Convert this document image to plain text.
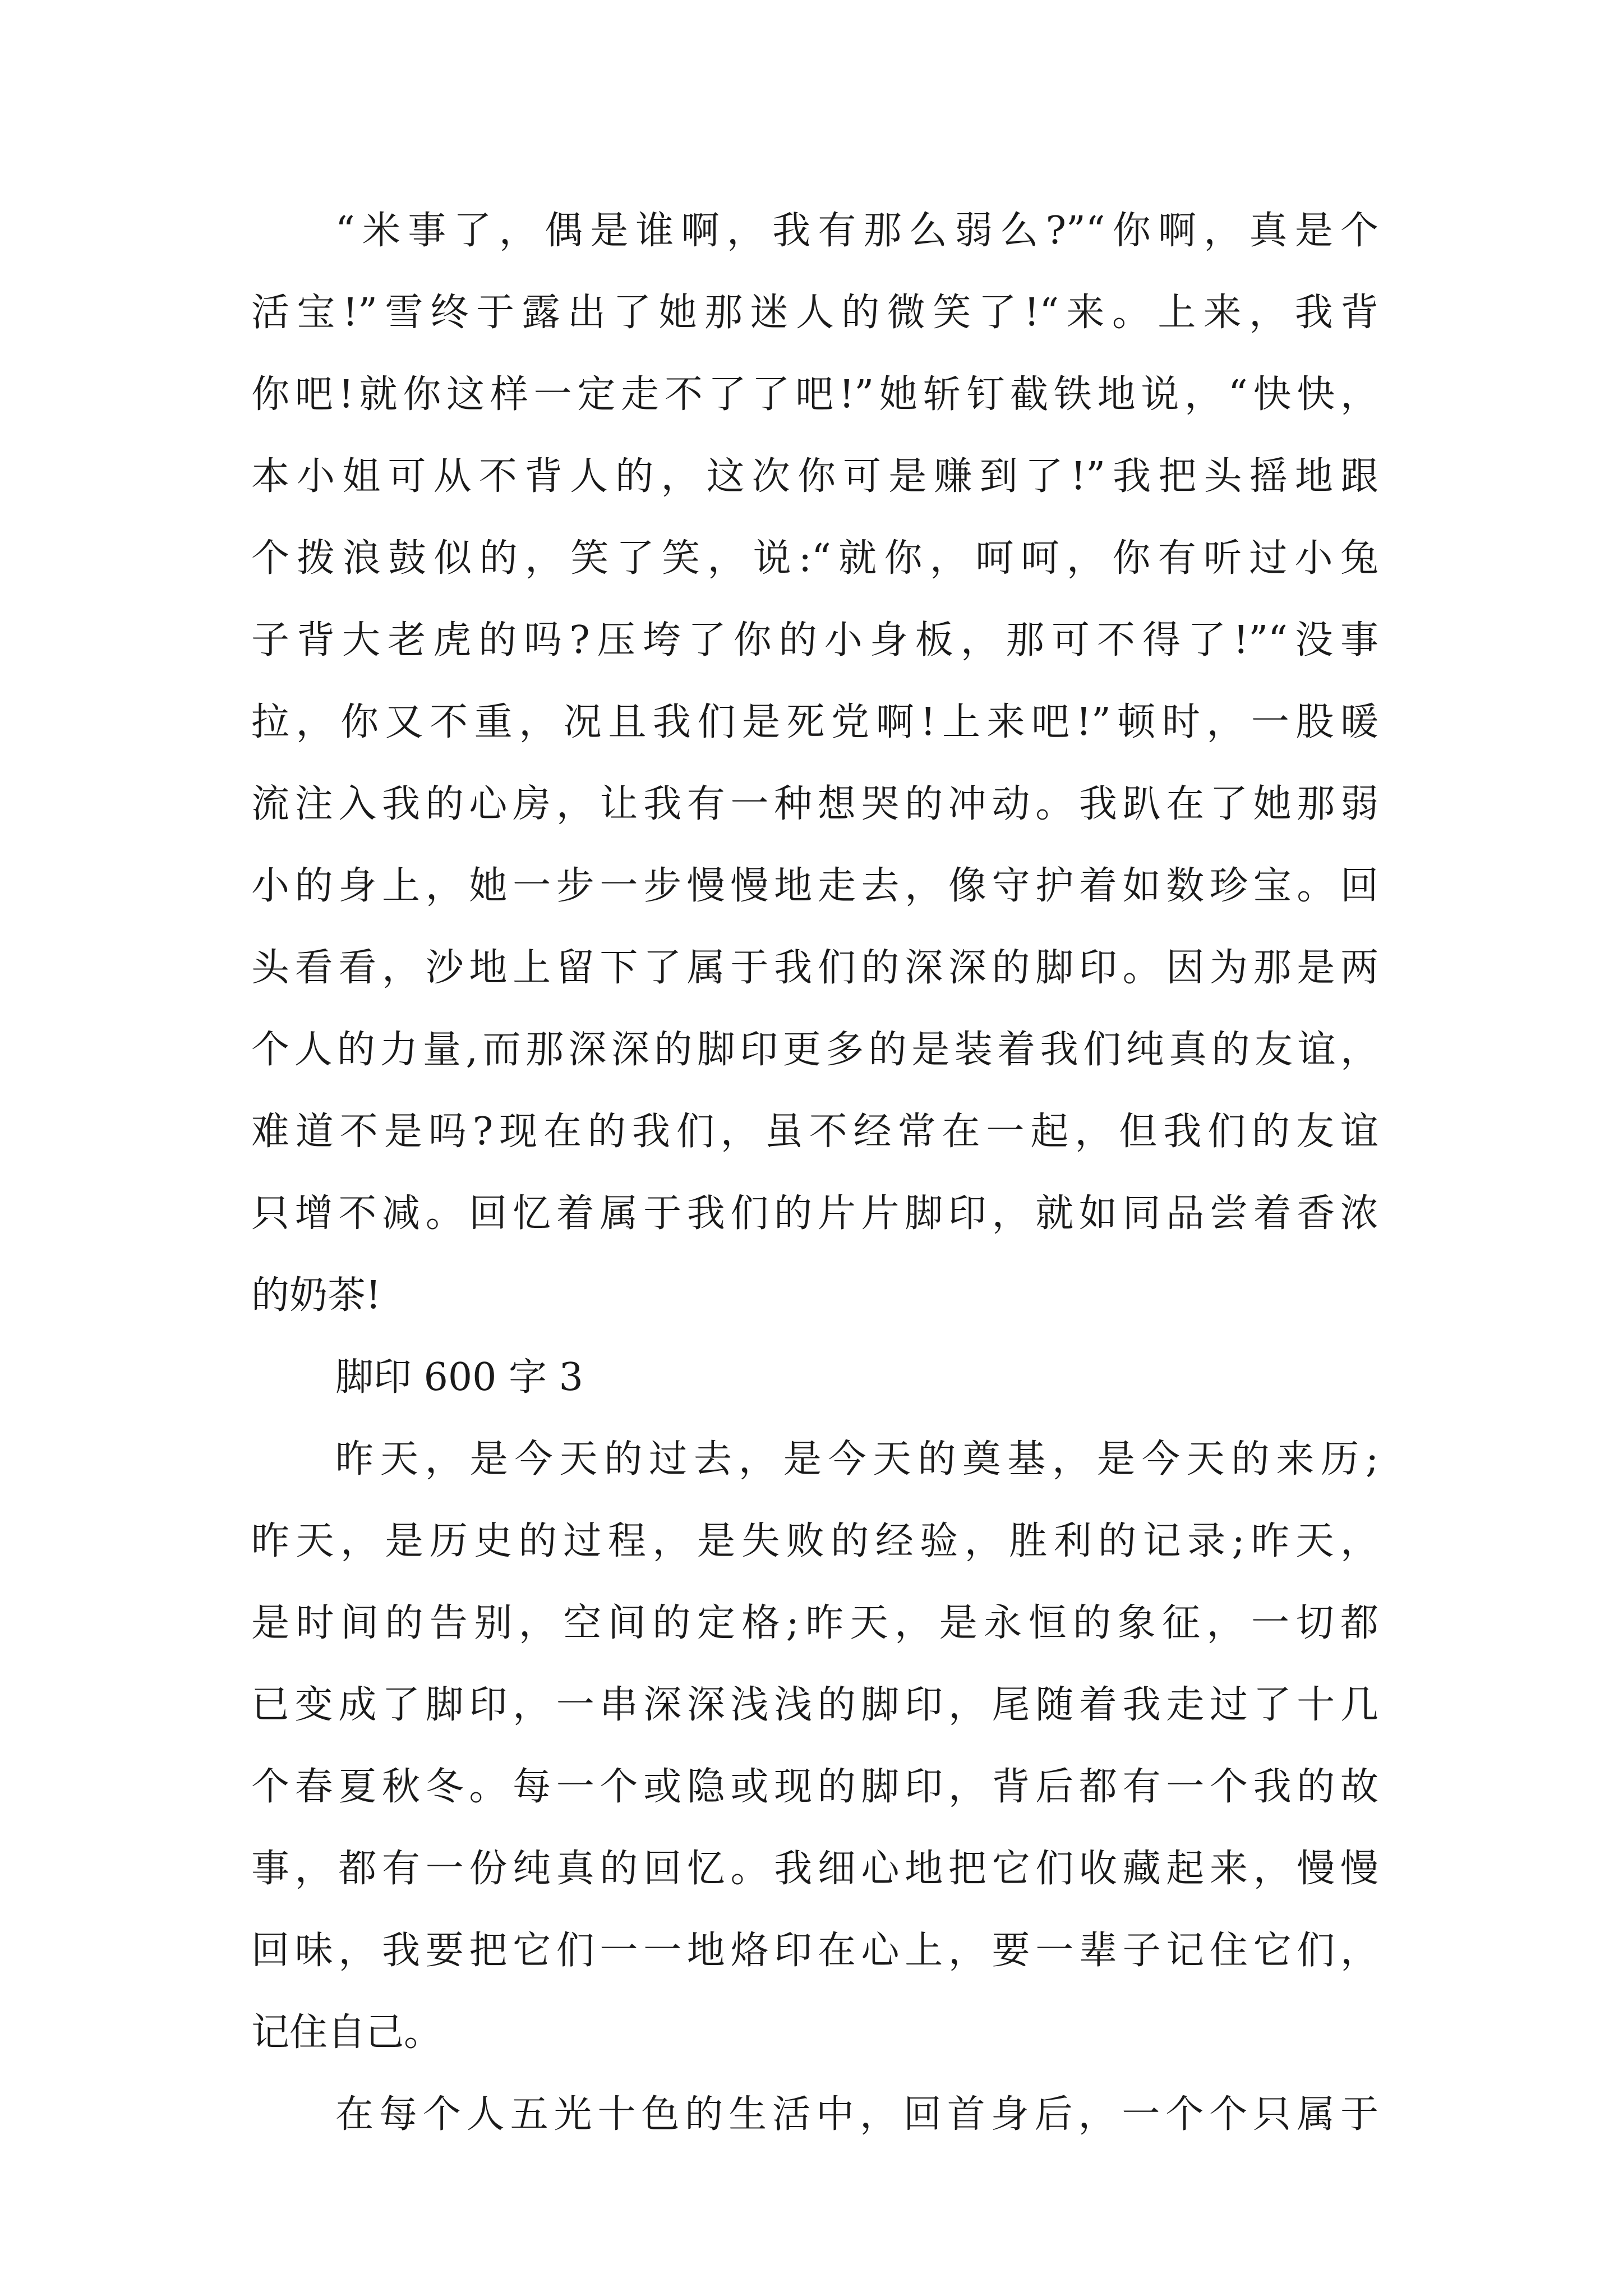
“米事了，偶是谁啊，我有那么弱么?”“你啊，真是个
活宝!”雪终于露出了她那迷人的微笑了!“来。上来，我背
你吧!就你这样一定走不了了吧!”她斩钉截铁地说，“快快，
本小姐可从不背人的，这次你可是赚到了!”我把头摇地跟
个拨浪鼓似的，笑了笑，说:“就你，呵呵，你有听过小兔
子背大老虎的吗?压垮了你的小身板，那可不得了!”“没事
拉，你又不重，况且我们是死党啊!上来吧!”顿时，一股暖
流注入我的心房，让我有一种想哭的冲动。我趴在了她那弱
小的身上，她一步一步慢慢地走去，像守护着如数珍宝。回
头看看，沙地上留下了属于我们的深深的脚印。因为那是两
个人的力量,而那深深的脚印更多的是装着我们纯真的友谊，
难道不是吗?现在的我们，虽不经常在一起，但我们的友谊
只增不减。回忆着属于我们的片片脚印，就如同品尝着香浓
的奶茶!
脚印 600 字 3
昨天，是今天的过去，是今天的奠基，是今天的来历;
昨天，是历史的过程，是失败的经验，胜利的记录;昨天，
是时间的告别，空间的定格;昨天，是永恒的象征，一切都
已变成了脚印，一串深深浅浅的脚印，尾随着我走过了十几
个春夏秋冬。每一个或隐或现的脚印，背后都有一个我的故
事，都有一份纯真的回忆。我细心地把它们收藏起来，慢慢
回味，我要把它们一一地烙印在心上，要一辈子记住它们，
记住自己。
在每个人五光十色的生活中，回首身后，一个个只属于
